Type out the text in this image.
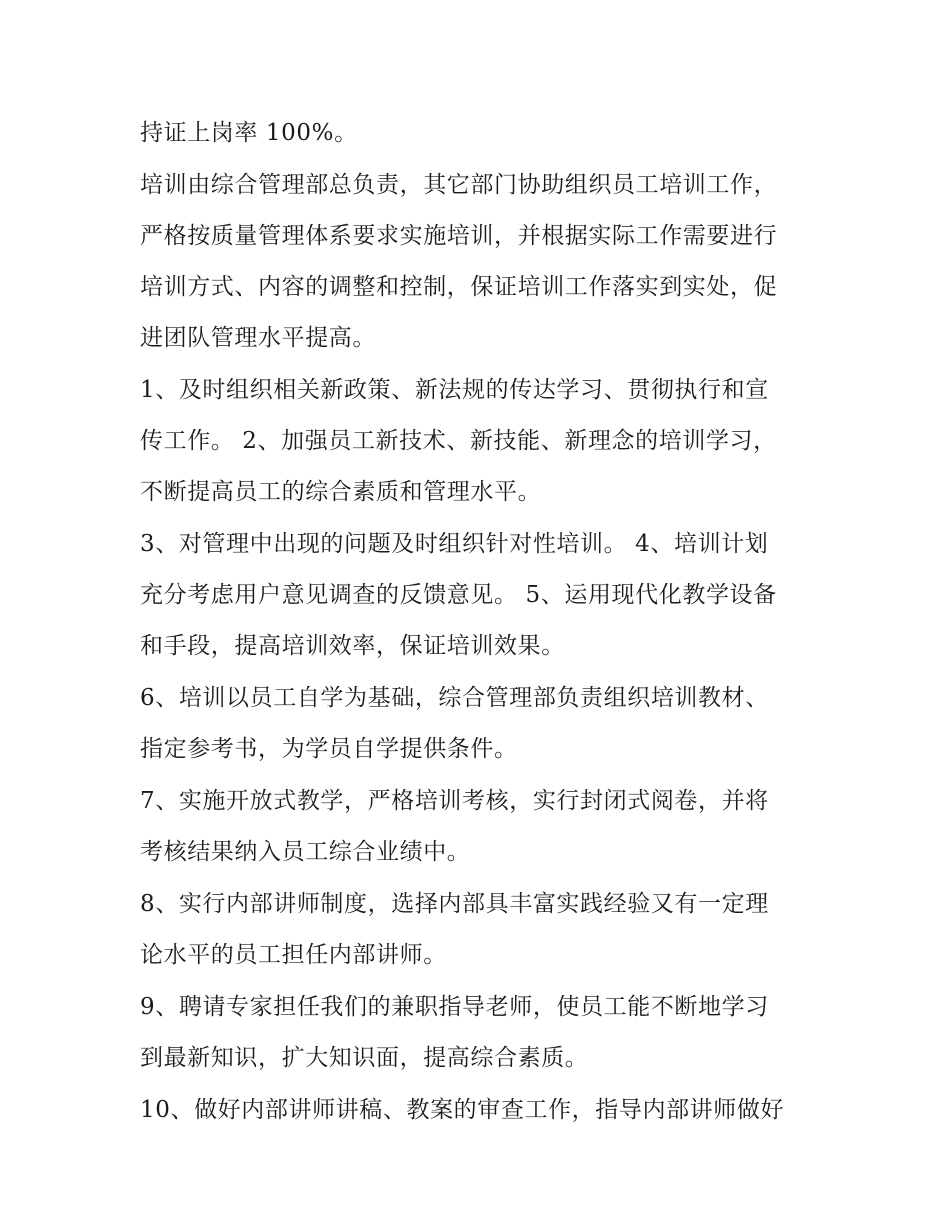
持证上岗率 100%。

培训由综合管理部总负责，其它部门协助组织员工培训工作，
严格按质量管理体系要求实施培训，并根据实际工作需要进行
培训方式、内容的调整和控制，保证培训工作落实到实处，促
进团队管理水平提高。

1、及时组织相关新政策、新法规的传达学习、贯彻执行和宣
传工作。 2、加强员工新技术、新技能、新理念的培训学习，
不断提高员工的综合素质和管理水平。

3、对管理中出现的问题及时组织针对性培训。 4、培训计划
充分考虑用户意见调查的反馈意见。 5、运用现代化教学设备
和手段，提高培训效率，保证培训效果。

6、培训以员工自学为基础，综合管理部负责组织培训教材、
指定参考书，为学员自学提供条件。

7、实施开放式教学，严格培训考核，实行封闭式阅卷，并将
考核结果纳入员工综合业绩中。

8、实行内部讲师制度，选择内部具丰富实践经验又有一定理
论水平的员工担任内部讲师。

9、聘请专家担任我们的兼职指导老师，使员工能不断地学习
到最新知识，扩大知识面，提高综合素质。

10、做好内部讲师讲稿、教案的审查工作，指导内部讲师做好
